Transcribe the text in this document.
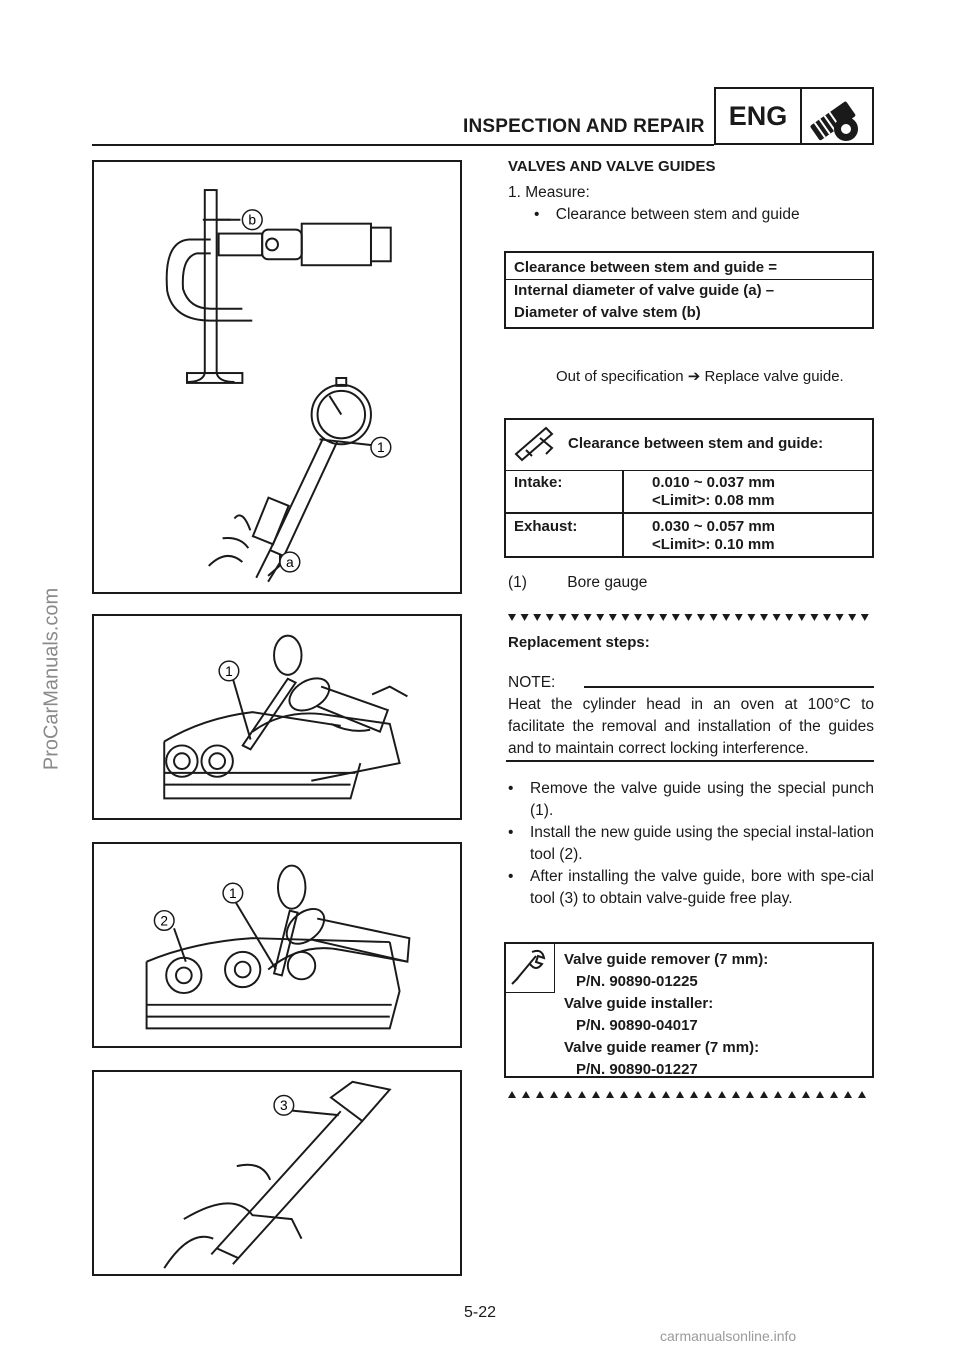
INSPECTION AND REPAIR ENG
ProCarManuals.com
carmanualsonline.info
b
1
a
1
1
2
3
VALVES AND VALVE GUIDES
1. Measure:
• Clearance between stem and guide
Clearance between stem and guide =
Internal diameter of valve guide (a) –
Diameter of valve stem (b)
Out of specification ➔ Replace valve guide.
Clearance between stem and guide:
Intake:	0.010 ~ 0.037 mm
<Limit>: 0.08 mm
Exhaust:	0.030 ~ 0.057 mm
<Limit>: 0.10 mm
(1)	Bore gauge
Replacement steps:
NOTE:
Heat the cylinder head in an oven at 100°C to facilitate the removal and installation of the guides and to maintain correct locking interference.
• Remove the valve guide using the special punch (1).
• Install the new guide using the special instal-lation tool (2).
• After installing the valve guide, bore with spe-cial tool (3) to obtain valve-guide free play.
Valve guide remover (7 mm):
P/N. 90890-01225
Valve guide installer:
P/N. 90890-04017
Valve guide reamer (7 mm):
P/N. 90890-01227
5-22
